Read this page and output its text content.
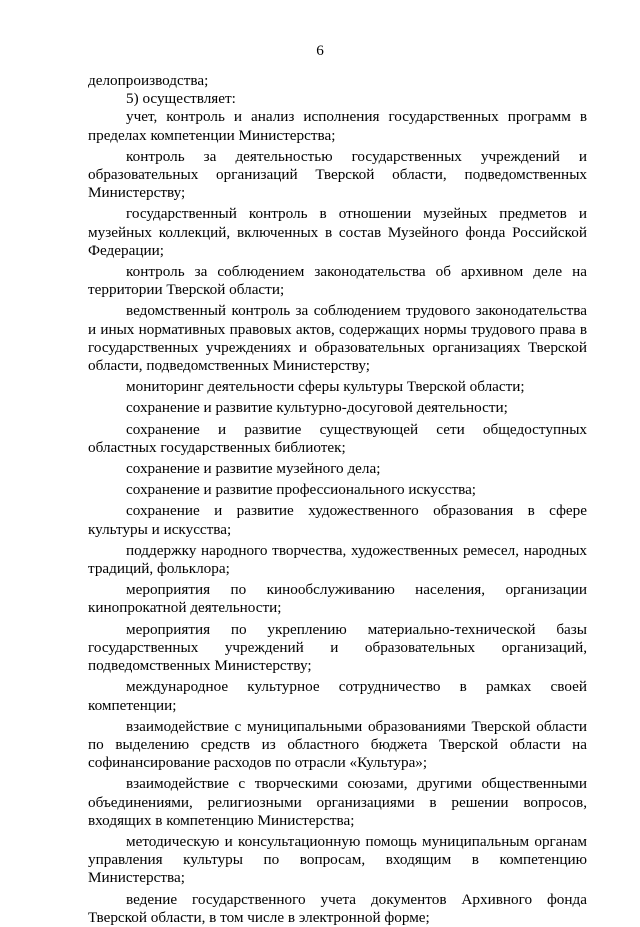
6

делопроизводства;

5) осуществляет:

учет, контроль и анализ исполнения государственных программ в пределах компетенции Министерства;

контроль за деятельностью государственных учреждений и образовательных организаций Тверской области, подведомственных Министерству;

государственный контроль в отношении музейных предметов и музейных коллекций, включенных в состав Музейного фонда Российской Федерации;

контроль за соблюдением законодательства об архивном деле на территории Тверской области;

ведомственный контроль за соблюдением трудового законодательства и иных нормативных правовых актов, содержащих нормы трудового права в государственных учреждениях и образовательных организациях Тверской области, подведомственных Министерству;

мониторинг деятельности сферы культуры Тверской области;

сохранение и развитие культурно-досуговой деятельности;

сохранение и развитие существующей сети общедоступных областных государственных библиотек;

сохранение и развитие музейного дела;

сохранение и развитие профессионального искусства;

сохранение и развитие художественного образования в сфере культуры и искусства;

поддержку народного творчества, художественных ремесел, народных традиций, фольклора;

мероприятия по кинообслуживанию населения, организации кинопрокатной деятельности;

мероприятия по укреплению материально-технической базы государственных учреждений и образовательных организаций, подведомственных Министерству;

международное культурное сотрудничество в рамках своей компетенции;

взаимодействие с муниципальными образованиями Тверской области по выделению средств из областного бюджета Тверской области на софинансирование расходов по отрасли «Культура»;

взаимодействие с творческими союзами, другими общественными объединениями, религиозными организациями в решении вопросов, входящих в компетенцию Министерства;

методическую и консультационную помощь муниципальным органам управления культуры по вопросам, входящим в компетенцию Министерства;

ведение государственного учета документов Архивного фонда Тверской области, в том числе в электронной форме;
